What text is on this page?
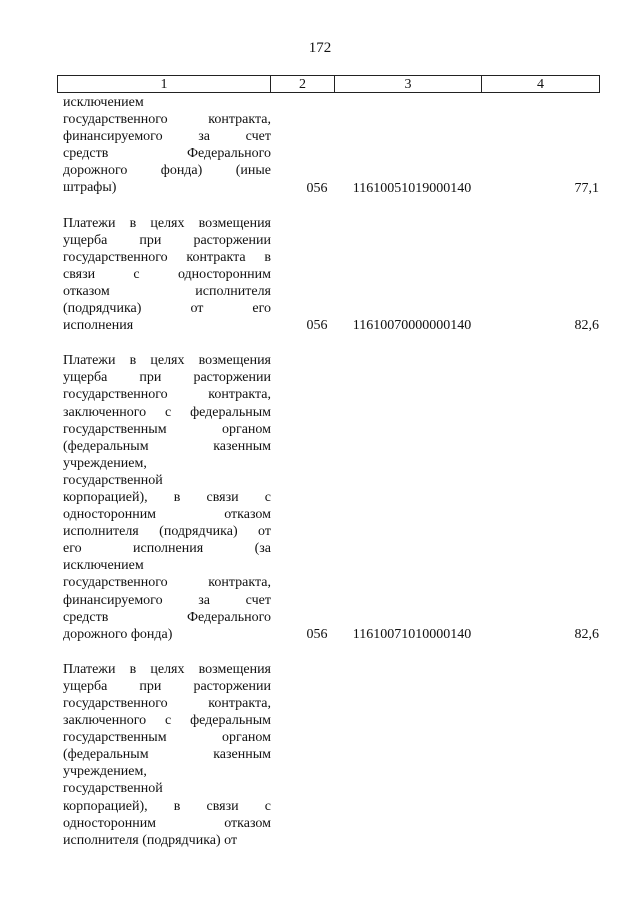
172
1	2	3	4
исключением
государственного контракта,
финансируемого за счет
средств Федерального
дорожного фонда) (иные
штрафы)	056	11610051019000140	77,1
Платежи в целях возмещения
ущерба при расторжении
государственного контракта в
связи с односторонним
отказом исполнителя
(подрядчика) от его
исполнения	056	11610070000000140	82,6
Платежи в целях возмещения
ущерба при расторжении
государственного контракта,
заключенного с федеральным
государственным органом
(федеральным казенным
учреждением,
государственной
корпорацией), в связи с
односторонним отказом
исполнителя (подрядчика) от
его исполнения (за
исключением
государственного контракта,
финансируемого за счет
средств Федерального
дорожного фонда)	056	11610071010000140	82,6
Платежи в целях возмещения
ущерба при расторжении
государственного контракта,
заключенного с федеральным
государственным органом
(федеральным казенным
учреждением,
государственной
корпорацией), в связи с
односторонним отказом
исполнителя (подрядчика) от
